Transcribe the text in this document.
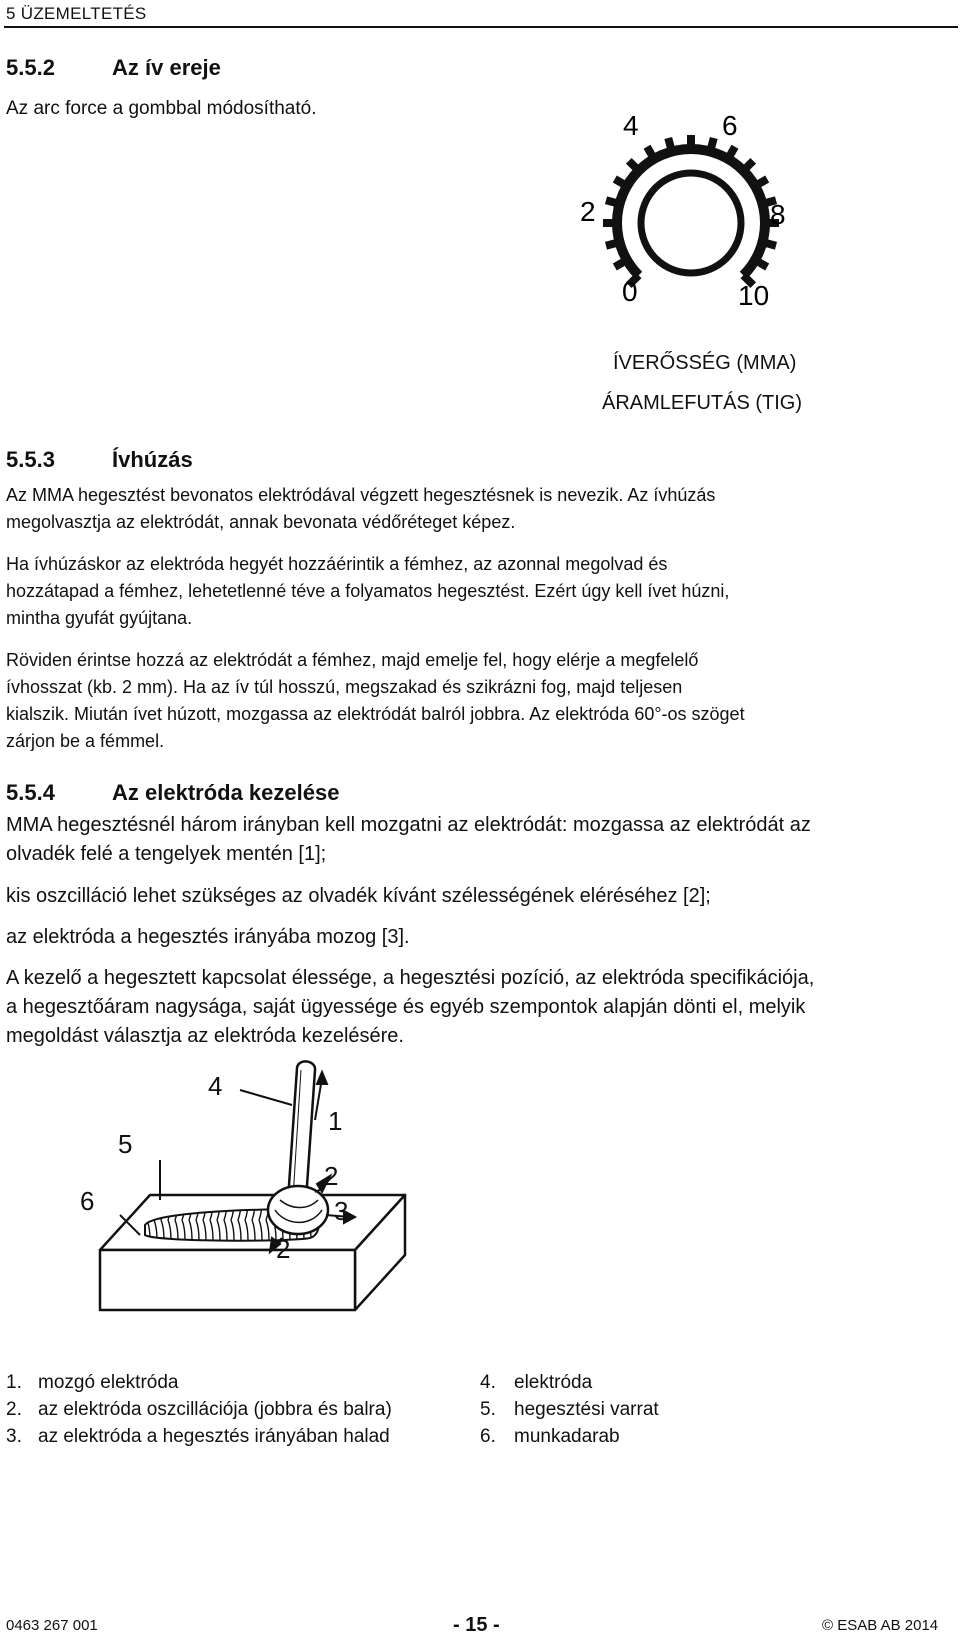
5 ÜZEMELTETÉS
5.5.2	Az ív ereje
Az arc force a gombbal módosítható.
0
2
4	6
8
10
ÍVERŐSSÉG (MMA)
ÁRAMLEFUTÁS (TIG)
5.5.3	Ívhúzás
Az MMA hegesztést bevonatos elektródával végzett hegesztésnek is nevezik. Az ívhúzás
megolvasztja az elektródát, annak bevonata védőréteget képez.
Ha ívhúzáskor az elektróda hegyét hozzáérintik a fémhez, az azonnal megolvad és
hozzátapad a fémhez, lehetetlenné téve a folyamatos hegesztést. Ezért úgy kell ívet húzni,
mintha gyufát gyújtana.
Röviden érintse hozzá az elektródát a fémhez, majd emelje fel, hogy elérje a megfelelő
ívhosszat (kb. 2 mm). Ha az ív túl hosszú, megszakad és szikrázni fog, majd teljesen
kialszik. Miután ívet húzott, mozgassa az elektródát balról jobbra. Az elektróda 60°-os szöget
zárjon be a fémmel.
5.5.4	Az elektróda kezelése
MMA hegesztésnél három irányban kell mozgatni az elektródát: mozgassa az elektródát az
olvadék felé a tengelyek mentén [1];
kis oszcilláció lehet szükséges az olvadék kívánt szélességének eléréséhez [2];
az elektróda a hegesztés irányába mozog [3].
A kezelő a hegesztett kapcsolat élessége, a hegesztési pozíció, az elektróda specifikációja,
a hegesztőáram nagysága, saját ügyessége és egyéb szempontok alapján dönti el, melyik
megoldást választja az elektróda kezelésére.
1
2
3
2
4
5
6
1. mozgó elektróda
2. az elektróda oszcillációja (jobbra és balra)
3. az elektróda a hegesztés irányában halad
4. elektróda
5. hegesztési varrat
6. munkadarab
0463 267 001	- 15 -	© ESAB AB 2014
